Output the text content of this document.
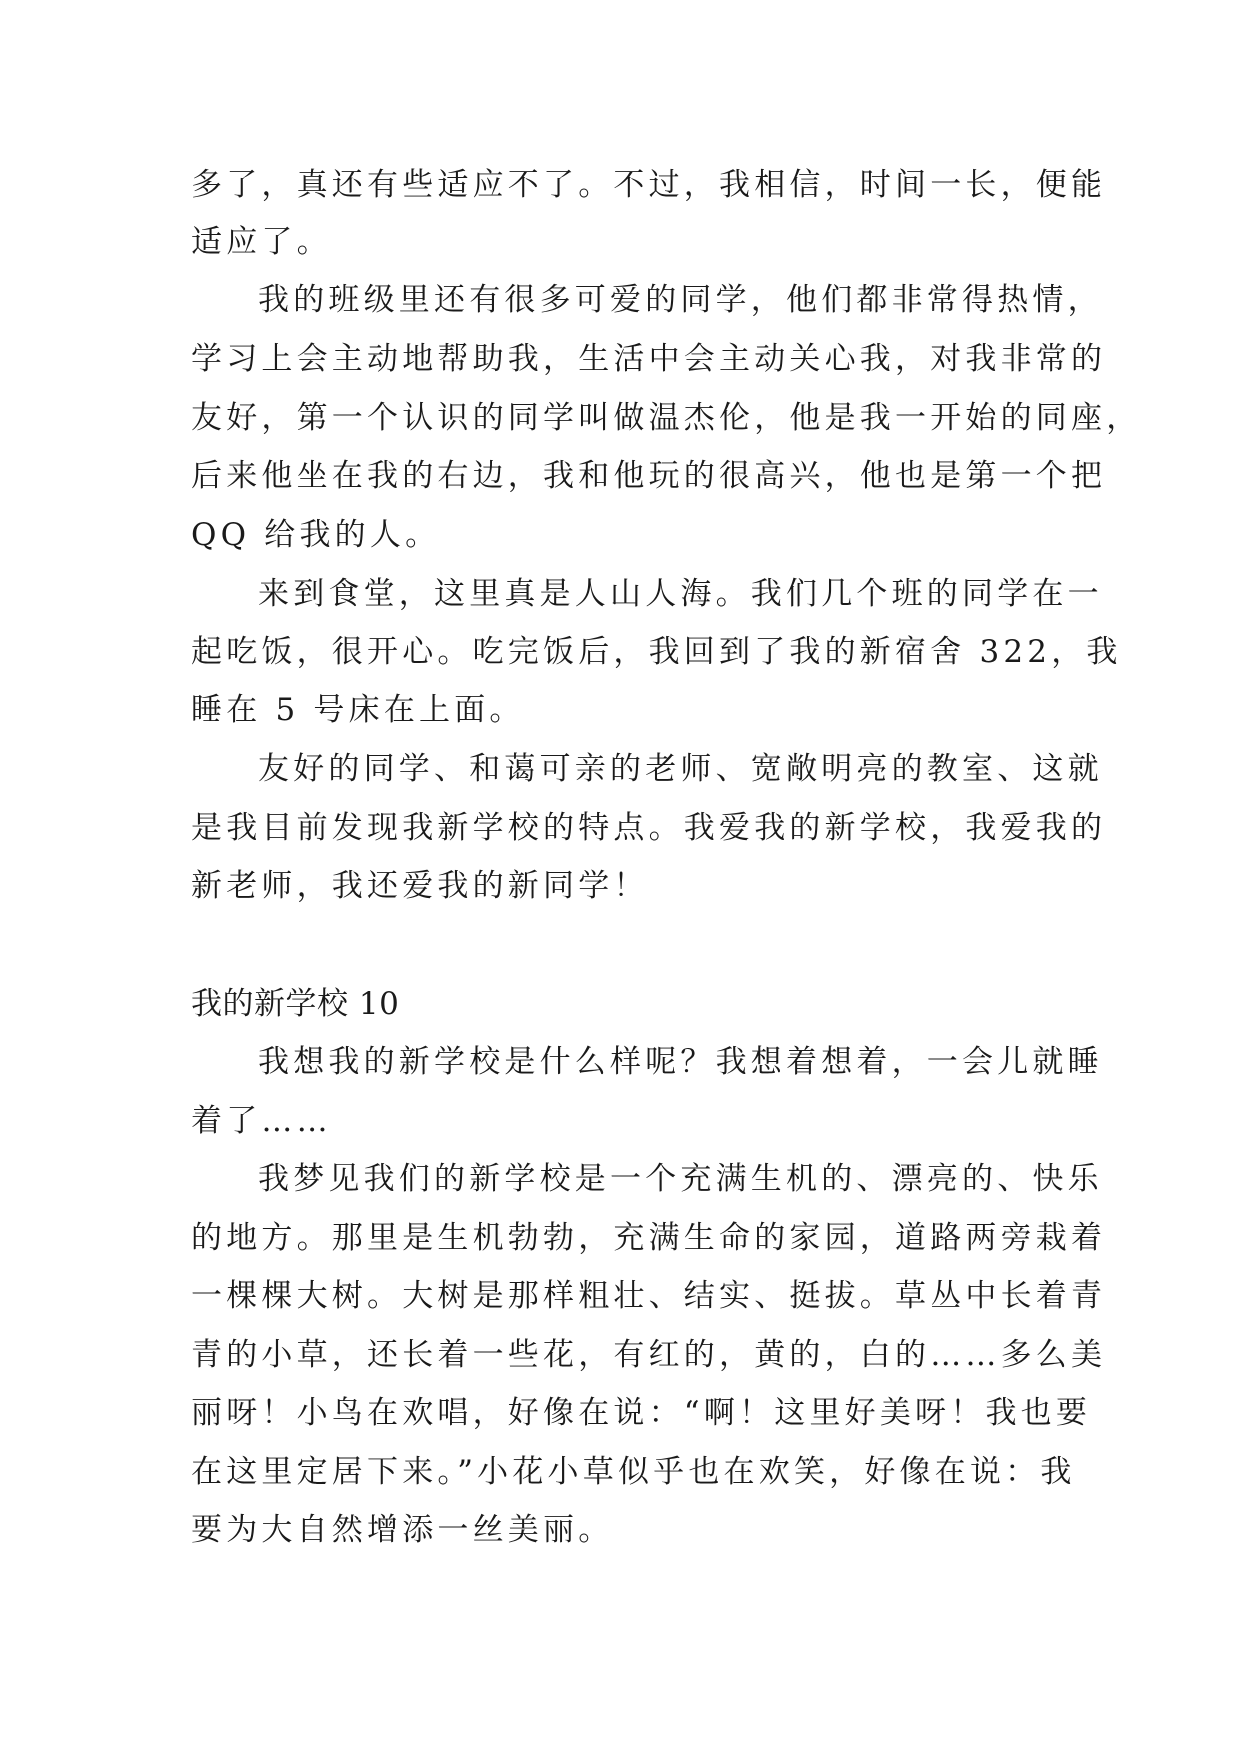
多了，真还有些适应不了。不过，我相信，时间一长，便能
适应了。
我的班级里还有很多可爱的同学，他们都非常得热情，
学习上会主动地帮助我，生活中会主动关心我，对我非常的
友好，第一个认识的同学叫做温杰伦，他是我一开始的同座，
后来他坐在我的右边，我和他玩的很高兴，他也是第一个把
QQ 给我的人。
来到食堂，这里真是人山人海。我们几个班的同学在一
起吃饭，很开心。吃完饭后，我回到了我的新宿舍 322，我
睡在 5 号床在上面。
友好的同学、和蔼可亲的老师、宽敞明亮的教室、这就
是我目前发现我新学校的特点。我爱我的新学校，我爱我的
新老师，我还爱我的新同学！
我的新学校 10
我想我的新学校是什么样呢？我想着想着，一会儿就睡
着了……
我梦见我们的新学校是一个充满生机的、漂亮的、快乐
的地方。那里是生机勃勃，充满生命的家园，道路两旁栽着
一棵棵大树。大树是那样粗壮、结实、挺拔。草丛中长着青
青的小草，还长着一些花，有红的，黄的，白的……多么美
丽呀！小鸟在欢唱，好像在说：“啊！这里好美呀！我也要
在这里定居下来。”小花小草似乎也在欢笑，好像在说：我
要为大自然增添一丝美丽。
